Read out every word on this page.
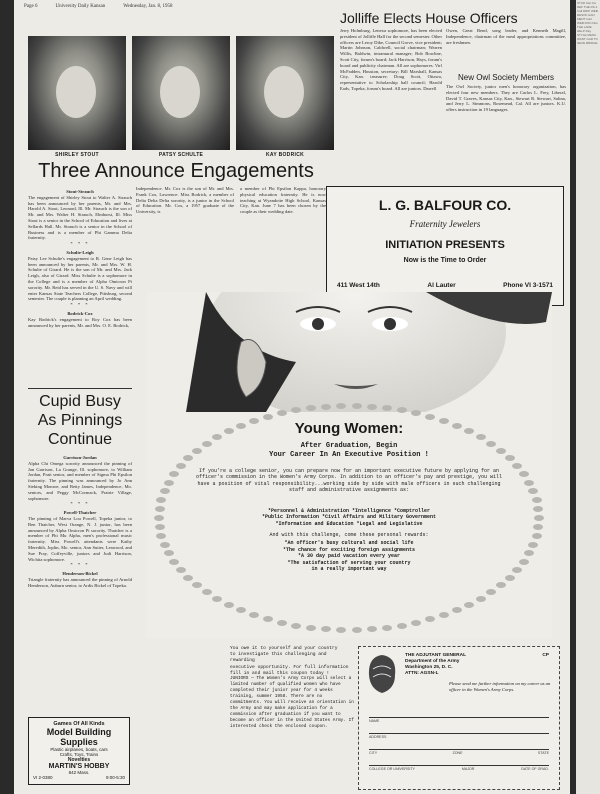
Page 6	University Daily Kansan	Wednesday, Jan. 8, 1958
SHIRLEY STOUT	PATSY SCHULTE	KAY BODRICK
Three Announce Engagements
Stout-Strauch
The engagement of Shirley Stout to Walter A. Strauch has been announced by her parents, Mr. and Mrs. Harold A. Stout, Leonard, Ill. Mr. Strauch is the son of Mr. and Mrs. Walter H. Strauch, Elmhurst, Ill. Miss Stout is a senior in the School of Education and lives at Sellards Hall. Mr. Strauch is a senior in the School of Business and is a member of Phi Gamma Delta fraternity.
* * *
Schulte-Leigh
Patsy Lee Schulte's engagement to R. Gene Leigh has been announced by her parents, Mr. and Mrs. W. H. Schulte of Girard. He is the son of Mr. and Mrs. Jack Leigh, also of Girard. Miss Schulte is a sophomore in the College and is a member of Alpha Omicron Pi sorority. Mr. Reid has served in the U. S. Navy and will enter Kansas State Teachers College, Pittsburg, second semester. The couple is planning an April wedding.
* * *
Bodrick-Cox
Kay Bodrick's engagement to Roy Cox has been announced by her parents, Mr. and Mrs. O. E. Bodrick,
Independence. Mr. Cox is the son of Mr. and Mrs. Frank Cox, Lawrence. Miss Bodrick, a member of Delta Delta Delta sorority, is a junior in the School of Education. Mr. Cox, a 1957 graduate of the University, is
a member of Phi Epsilon Kappa, honorary physical education fraternity. He is now teaching at Wyandotte High School, Kansas City, Kan. June 7 has been chosen by the couple as their wedding date.
Cupid Busy As Pinnings Continue
Garrison-Jordan
Alpha Chi Omega sorority announced the pinning of Jan Garrison, La Grange, Ill. sophomore, to William Jordan, Pratt senior, and member of Sigma Phi Epsilon fraternity. The pinning was announced by Jo Ann Sieking Monroe, and Betty James, Independence, Mo. seniors, and Peggy McCormack, Prairie Village, sophomore.
* * *
Powell-Thatcher
The pinning of Marva Lou Powell, Topeka junior, to Ben Thatcher, West Orange, N. J. junior, has been announced by Alpha Omicron Pi sorority. Thatcher is a member of Phi Mu Alpha, men's professional music fraternity. Miss Powell's attendants were Kathy Meredith, Joplin, Mo. senior, Ann Sutter, Leawood, and Sue Pray, Coffeyville, juniors and Judi Harrison, Wichita sophomore.
* * *
Henderson-Bickel
Triangle fraternity has announced the pinning of Arnold Henderson, Auburn senior, to Ardis Bickel of Topeka.
Games Of All Kinds
Model Building
Supplies
Plastic airplanes, boats, cars
Crafts, Toys, Trains
Novelties
MARTIN'S HOBBY
842 Mass.
VI 2-0380	9:00-5:30
Jolliffe Elects House Officers
Jerry Holmburg, Lenexa sophomore, has been elected president of Jolliffe Hall for the second semester. Other officers are Leroy Dike, Council Grove, vice president; Martin Johnson, Caldwell, social chairman; Warren Willis, Baldwin, intramural manager; Bob Bowline, Scott City, forum's board; Jack Harrison, Hays, forum's board and publicity chairman. All are sophomores. Virl McFadden, Houston, secretary; Bill Marshall, Kansas City, Kan. treasurer; Doug Scott, Ottawa, representative to Scholarship hall council; Harold Eads, Topeka, forum's board. All are juniors. Darrell
Owen, Great Bend, song leader, and Kenneth Magill, Independence, chairman of the meal appropriations committee, are freshmen.
New Owl Society Members
The Owl Society, junior men's honorary organization, has elected four new members. They are Carlos L. Frey, Liberal, David T. Graves, Kansas City, Kan., Stewart R. Stewart, Salina, and Jerry L. Simmons, Rosemead, Cal. All are juniors. K.U. offers instruction in 19 languages.
L. G. BALFOUR CO.
Fraternity Jewelers
INITIATION PRESENTS
Now is the Time to Order
411 West 14th	Al Lauter	Phone VI 3-1571
Young Women:
After Graduation, Begin
Your Career In An Executive Position !
If you're a college senior, you can prepare now for an important executive future by applying for an officer's commission in the Women's Army Corps. In addition to an officer's pay and prestige, you will have a position of vital responsibility...working side by side with male officers in such challenging staff and administrative assignments as:
*Personnel & Administration *Intelligence *Comptroller
*Public Information *Civil Affairs and Military Government
*Information and Education *Legal and Legislative
And with this challenge, come these personal rewards:
*An officer's busy cultural and social life
*The chance for exciting foreign assignments
*A 30 day paid vacation every year
*The satisfaction of serving your country
in a really important way
You owe it to yourself and your country
to investigate this challenging and rewarding
executive opportunity. For full information
fill in and mail this coupon today !
JUNIORS — The Women's Army Corps will select a limited number of qualified women who have completed their junior year for 4 weeks training, summer 1958. There are no commitments. You will receive an orientation in the Army and may make application for a commission after graduation if you want to become an officer in the United States Army. If interested check the enclosed coupon.
THE ADJUTANT GENERAL
Department of the Army
Washington 25, D. C.
ATTN: AGSN-L
CP
Please send me further information on my career as an officer in the Women's Army Corps.
NAME
ADDRESS
CITY	ZONE	STATE
COLLEGE OR UNIVERSITY	MAJOR	DATE OF GRAD.
STUD Kan Ka REF THE DS-1 Call DRIP WEB. RESOF HAN MENT Carl WEB ROO Dire THE LARE HELP Day STYLE MENU WANT GAR TO NEVE BRIDGE
